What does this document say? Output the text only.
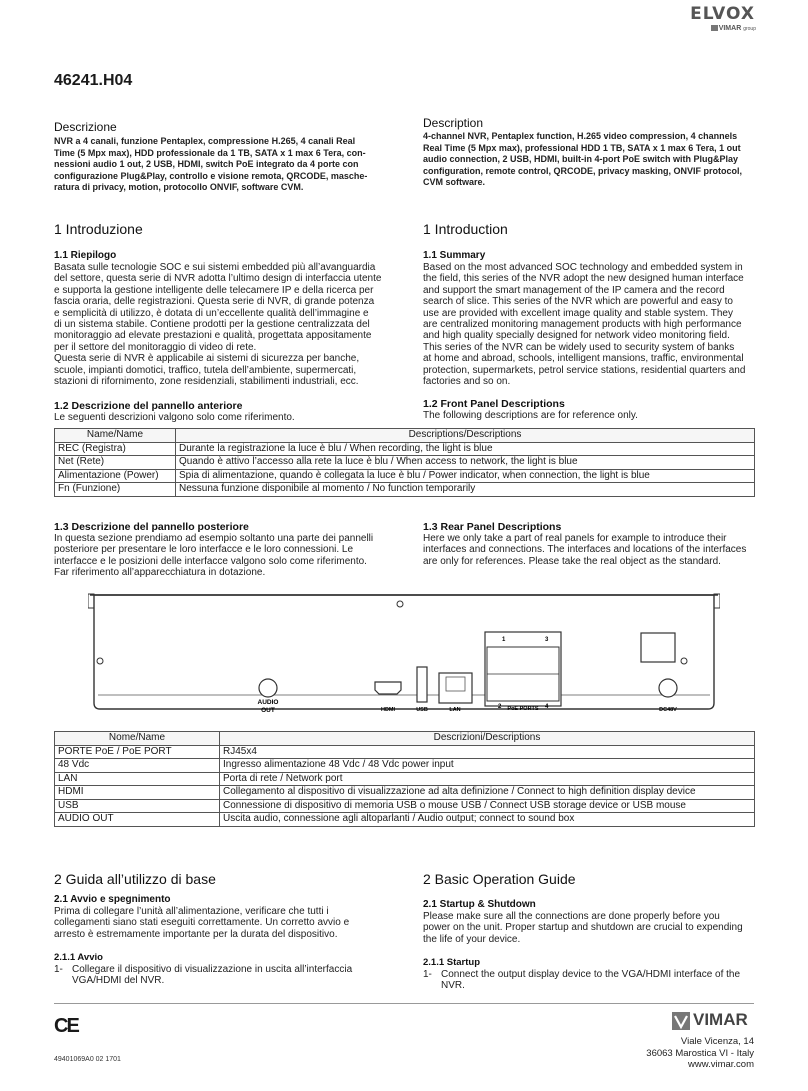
ELVOX
VIMAR group
46241.H04
Descrizione
NVR a 4 canali, funzione Pentaplex, compressione H.265, 4 canali Real
Time (5 Mpx max), HDD professionale da 1 TB, SATA x 1 max 6 Tera, con-
nessioni audio 1 out, 2 USB, HDMI, switch PoE integrato da 4 porte con
configurazione Plug&Play, controllo e visione remota, QRCODE, masche-
ratura di privacy, motion, protocollo ONVIF, software CVM.
Description
4-channel NVR, Pentaplex function, H.265 video compression, 4 channels
Real Time (5 Mpx max), professional HDD 1 TB, SATA x 1 max 6 Tera, 1 out
audio connection, 2 USB, HDMI, built-in 4-port PoE switch with Plug&Play
configuration, remote control, QRCODE, privacy masking, ONVIF protocol,
CVM software.
1 Introduzione
1.1 Riepilogo
Basata sulle tecnologie SOC e sui sistemi embedded più all’avanguardia
del settore, questa serie di NVR adotta l’ultimo design di interfaccia utente
e supporta la gestione intelligente delle telecamere IP e della ricerca per
fascia oraria, delle registrazioni. Questa serie di NVR, di grande potenza
e semplicità di utilizzo, è dotata di un’eccellente qualità dell’immagine e
di un sistema stabile. Contiene prodotti per la gestione centralizzata del
monitoraggio ad elevate prestazioni e qualità, progettata appositamente
per il settore del monitoraggio di video di rete.
Questa serie di NVR è applicabile ai sistemi di sicurezza per banche,
scuole, impianti domotici, traffico, tutela dell’ambiente, supermercati,
stazioni di rifornimento, zone residenziali, stabilimenti industriali, ecc.
1 Introduction
1.1 Summary
Based on the most advanced SOC technology and embedded system in
the field, this series of the NVR adopt the new designed human interface
and support the smart management of the IP camera and the record
search of slice. This series of the NVR which are powerful and easy to
use are provided with excellent image quality and stable system. They
are centralized monitoring management products with high performance
and high quality specially designed for network video monitoring field.
This series of the NVR can be widely used to security system of banks
at home and abroad, schools, intelligent mansions, traffic, environmental
protection, supermarkets, petrol service stations, residential quarters and
factories and so on.
1.2 Descrizione del pannello anteriore
Le seguenti descrizioni valgono solo come riferimento.
1.2 Front Panel Descriptions
The following descriptions are for reference only.
Name/Name	Descriptions/Descriptions
REC (Registra)	Durante la registrazione la luce è blu / When recording, the light is blue
Net (Rete)	Quando è attivo l’accesso alla rete la luce è blu / When access to network, the light is blue
Alimentazione (Power)	Spia di alimentazione, quando è collegata la luce è blu / Power indicator, when connection, the light is blue
Fn (Funzione)	Nessuna funzione disponibile al momento / No function temporarily
1.3 Descrizione del pannello posteriore
In questa sezione prendiamo ad esempio soltanto una parte dei pannelli
posteriore per presentare le loro interfacce e le loro connessioni. Le
interfacce e le posizioni delle interfacce valgono solo come riferimento.
Far riferimento all’apparecchiatura in dotazione.
1.3 Rear Panel Descriptions
Here we only take a part of real panels for example to introduce their
interfaces and connections. The interfaces and locations of the interfaces
are only for references. Please take the real object as the standard.
AUDIO
OUT	HDMI	USB	LAN
1	3
2	4
PoE PORTS	DC48V
Nome/Name	Descrizioni/Descriptions
PORTE PoE / PoE PORT	RJ45x4
48 Vdc	Ingresso alimentazione 48 Vdc / 48 Vdc power input
LAN	Porta di rete / Network port
HDMI	Collegamento al dispositivo di visualizzazione ad alta definizione / Connect to high definition display device
USB	Connessione di dispositivo di memoria USB o mouse USB / Connect USB storage device or USB mouse
AUDIO OUT	Uscita audio, connessione agli altoparlanti / Audio output; connect to sound box
2 Guida all’utilizzo di base
2.1 Avvio e spegnimento
Prima di collegare l’unità all’alimentazione, verificare che tutti i
collegamenti siano stati eseguiti correttamente. Un corretto avvio e
arresto è estremamente importante per la durata del dispositivo.
2.1.1 Avvio
1- Collegare il dispositivo di visualizzazione in uscita all’interfaccia
VGA/HDMI del NVR.
2 Basic Operation Guide
2.1 Startup & Shutdown
Please make sure all the connections are done properly before you
power on the unit. Proper startup and shutdown are crucial to expending
the life of your device.
2.1.1 Startup
1- Connect the output display device to the VGA/HDMI interface of the
NVR.
CE
49401069A0 02 1701
VIMAR
Viale Vicenza, 14
36063 Marostica VI - Italy
www.vimar.com
